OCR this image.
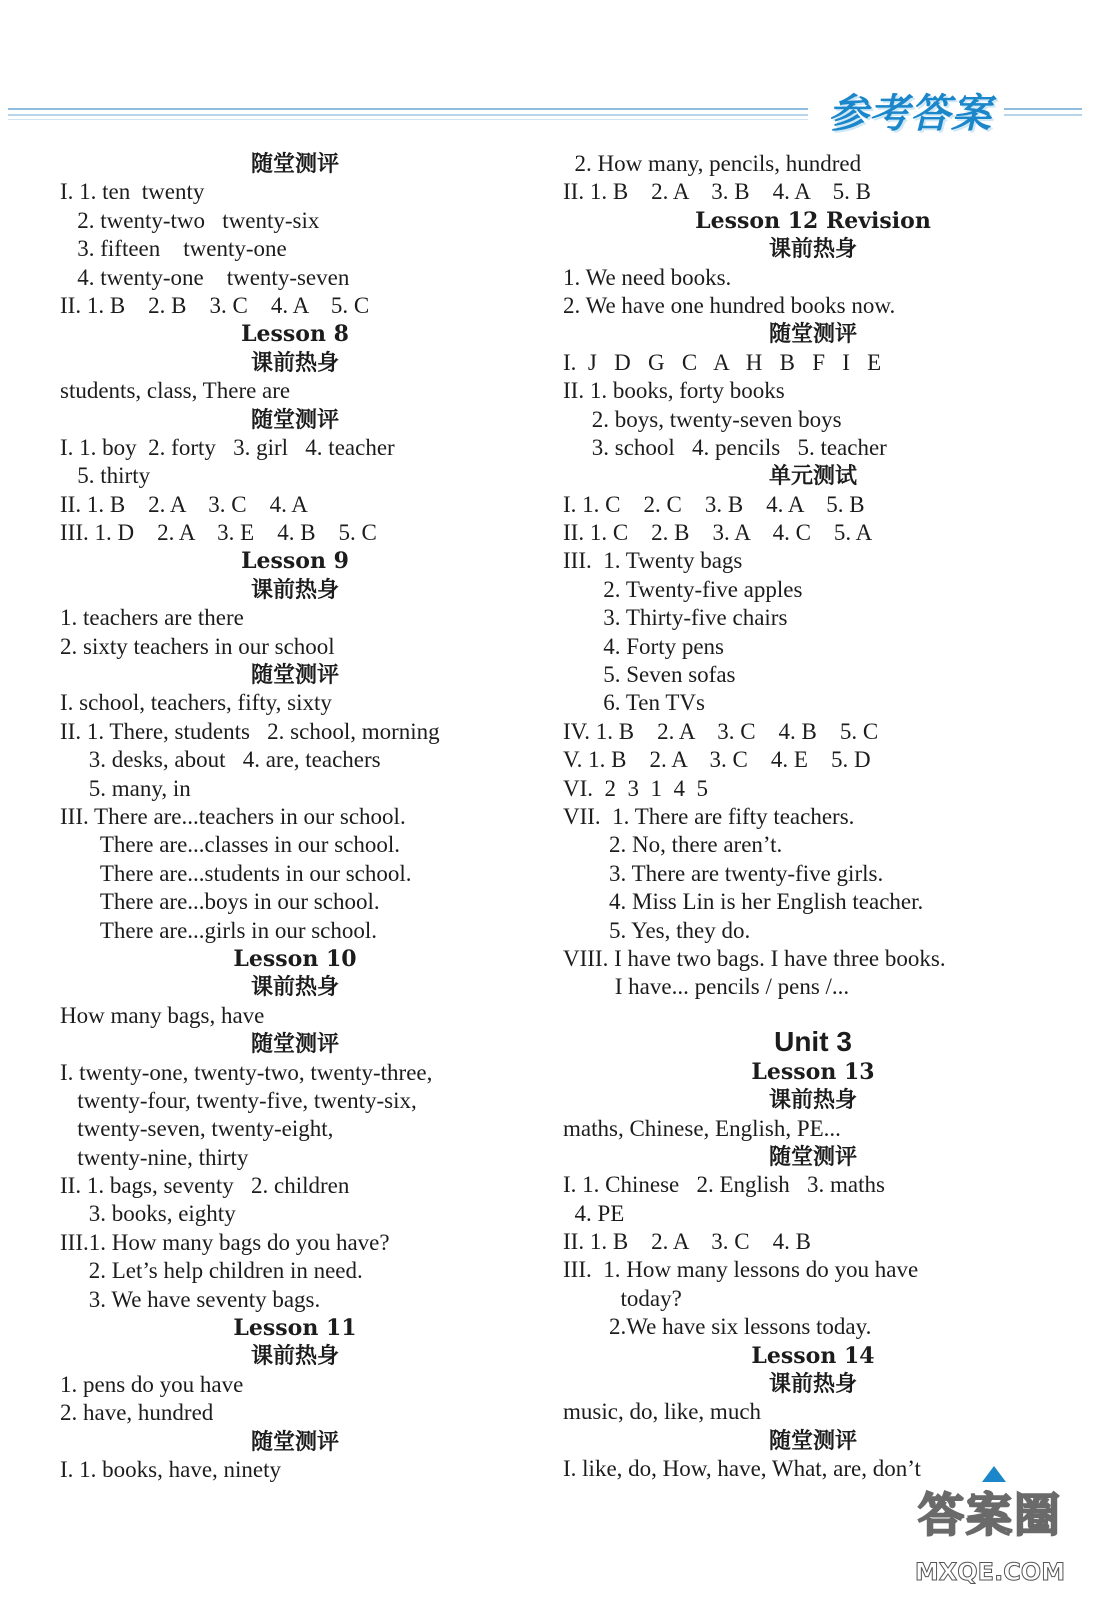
参考答案
随堂测评
I. 1. ten  twenty
2. twenty-two   twenty-six
3. fifteen    twenty-one
4. twenty-one    twenty-seven
II. 1. B    2. B    3. C    4. A    5. C
Lesson 8
课前热身
students, class, There are
随堂测评
I. 1. boy  2. forty   3. girl   4. teacher
5. thirty
II. 1. B    2. A    3. C    4. A
III. 1. D    2. A    3. E    4. B    5. C
Lesson 9
课前热身
1. teachers are there
2. sixty teachers in our school
随堂测评
I. school, teachers, fifty, sixty
II. 1. There, students   2. school, morning
3. desks, about   4. are, teachers
5. many, in
III. There are...teachers in our school.
There are...classes in our school.
There are...students in our school.
There are...boys in our school.
There are...girls in our school.
Lesson 10
课前热身
How many bags, have
随堂测评
I. twenty-one, twenty-two, twenty-three,
twenty-four, twenty-five, twenty-six,
twenty-seven, twenty-eight,
twenty-nine, thirty
II. 1. bags, seventy   2. children
3. books, eighty
III.1. How many bags do you have?
2. Let’s help children in need.
3. We have seventy bags.
Lesson 11
课前热身
1. pens do you have
2. have, hundred
随堂测评
I. 1. books, have, ninety
2. How many, pencils, hundred
II. 1. B    2. A    3. B    4. A    5. B
Lesson 12 Revision
课前热身
1. We need books.
2. We have one hundred books now.
随堂测评
I.  J   D   G   C   A   H   B   F   I   E
II. 1. books, forty books
2. boys, twenty-seven boys
3. school   4. pencils   5. teacher
单元测试
I. 1. C    2. C    3. B    4. A    5. B
II. 1. C    2. B    3. A    4. C    5. A
III.  1. Twenty bags
2. Twenty-five apples
3. Thirty-five chairs
4. Forty pens
5. Seven sofas
6. Ten TVs
IV. 1. B    2. A    3. C    4. B    5. C
V. 1. B    2. A    3. C    4. E    5. D
VI.  2  3  1  4  5
VII.  1. There are fifty teachers.
2. No, there aren’t.
3. There are twenty-five girls.
4. Miss Lin is her English teacher.
5. Yes, they do.
VIII. I have two bags. I have three books.
I have... pencils / pens /...
Unit 3
Lesson 13
课前热身
maths, Chinese, English, PE...
随堂测评
I. 1. Chinese   2. English   3. maths
4. PE
II. 1. B    2. A    3. C    4. B
III.  1. How many lessons do you have
today?
2.We have six lessons today.
Lesson 14
课前热身
music, do, like, much
随堂测评
I. like, do, How, have, What, are, don’t
答案圈
MXQE.COM
